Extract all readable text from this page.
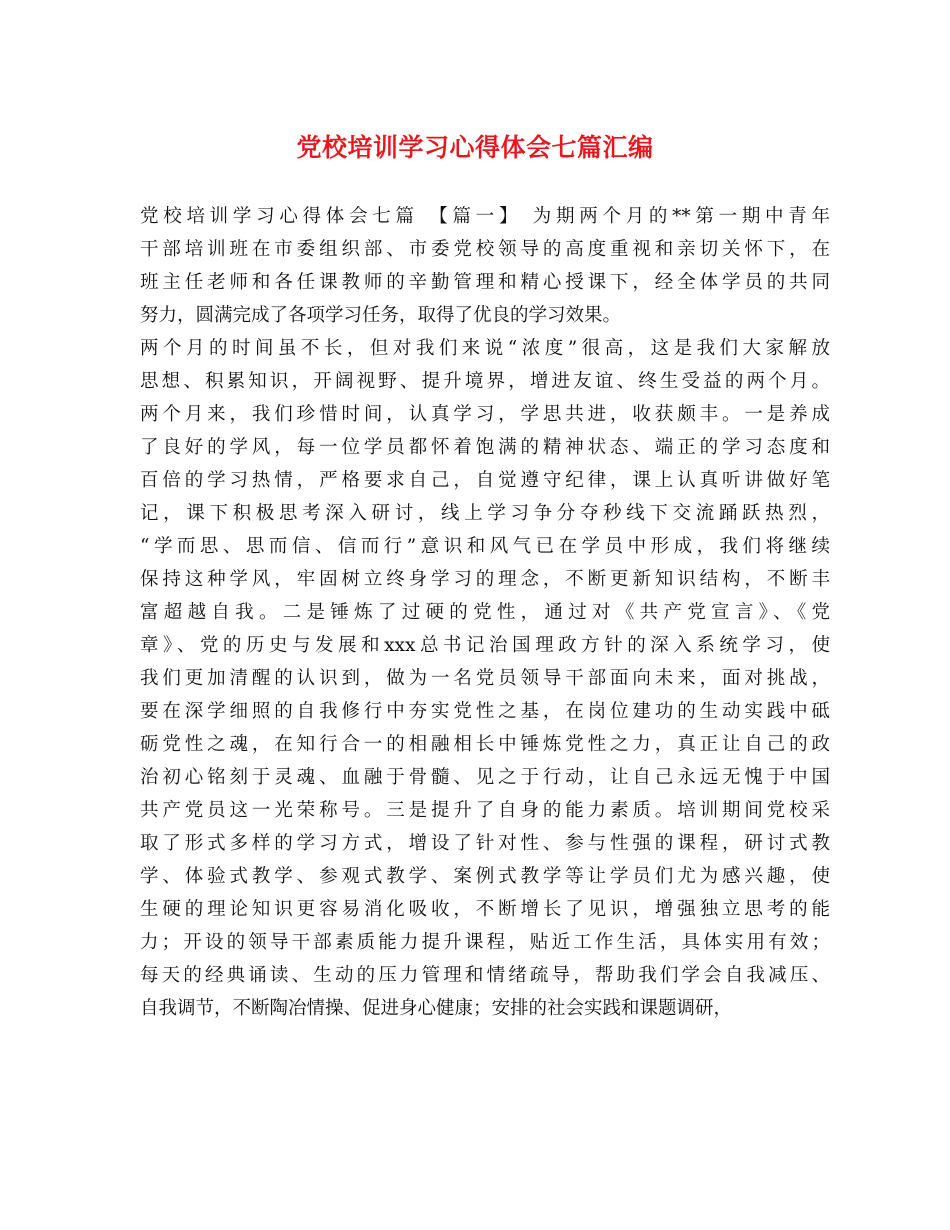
党校培训学习心得体会七篇汇编
党校培训学习心得体会七篇 【篇一】 为期两个月的**第一期中青年
干部培训班在市委组织部、市委党校领导的高度重视和亲切关怀下，在
班主任老师和各任课教师的辛勤管理和精心授课下，经全体学员的共同
努力，圆满完成了各项学习任务，取得了优良的学习效果。
两个月的时间虽不长，但对我们来说“浓度”很高，这是我们大家解放
思想、积累知识，开阔视野、提升境界，增进友谊、终生受益的两个月。
两个月来，我们珍惜时间，认真学习，学思共进，收获颇丰。一是养成
了良好的学风，每一位学员都怀着饱满的精神状态、端正的学习态度和
百倍的学习热情，严格要求自己，自觉遵守纪律，课上认真听讲做好笔
记，课下积极思考深入研讨，线上学习争分夺秒线下交流踊跃热烈，
“学而思、思而信、信而行”意识和风气已在学员中形成，我们将继续
保持这种学风，牢固树立终身学习的理念，不断更新知识结构，不断丰
富超越自我。二是锤炼了过硬的党性，通过对《共产党宣言》、《党
章》、党的历史与发展和xxx总书记治国理政方针的深入系统学习，使
我们更加清醒的认识到，做为一名党员领导干部面向未来，面对挑战，
要在深学细照的自我修行中夯实党性之基，在岗位建功的生动实践中砥
砺党性之魂，在知行合一的相融相长中锤炼党性之力，真正让自己的政
治初心铭刻于灵魂、血融于骨髓、见之于行动，让自己永远无愧于中国
共产党员这一光荣称号。三是提升了自身的能力素质。培训期间党校采
取了形式多样的学习方式，增设了针对性、参与性强的课程，研讨式教
学、体验式教学、参观式教学、案例式教学等让学员们尤为感兴趣，使
生硬的理论知识更容易消化吸收，不断增长了见识，增强独立思考的能
力；开设的领导干部素质能力提升课程，贴近工作生活，具体实用有效；
每天的经典诵读、生动的压力管理和情绪疏导，帮助我们学会自我减压、
自我调节，不断陶冶情操、促进身心健康；安排的社会实践和课题调研，
